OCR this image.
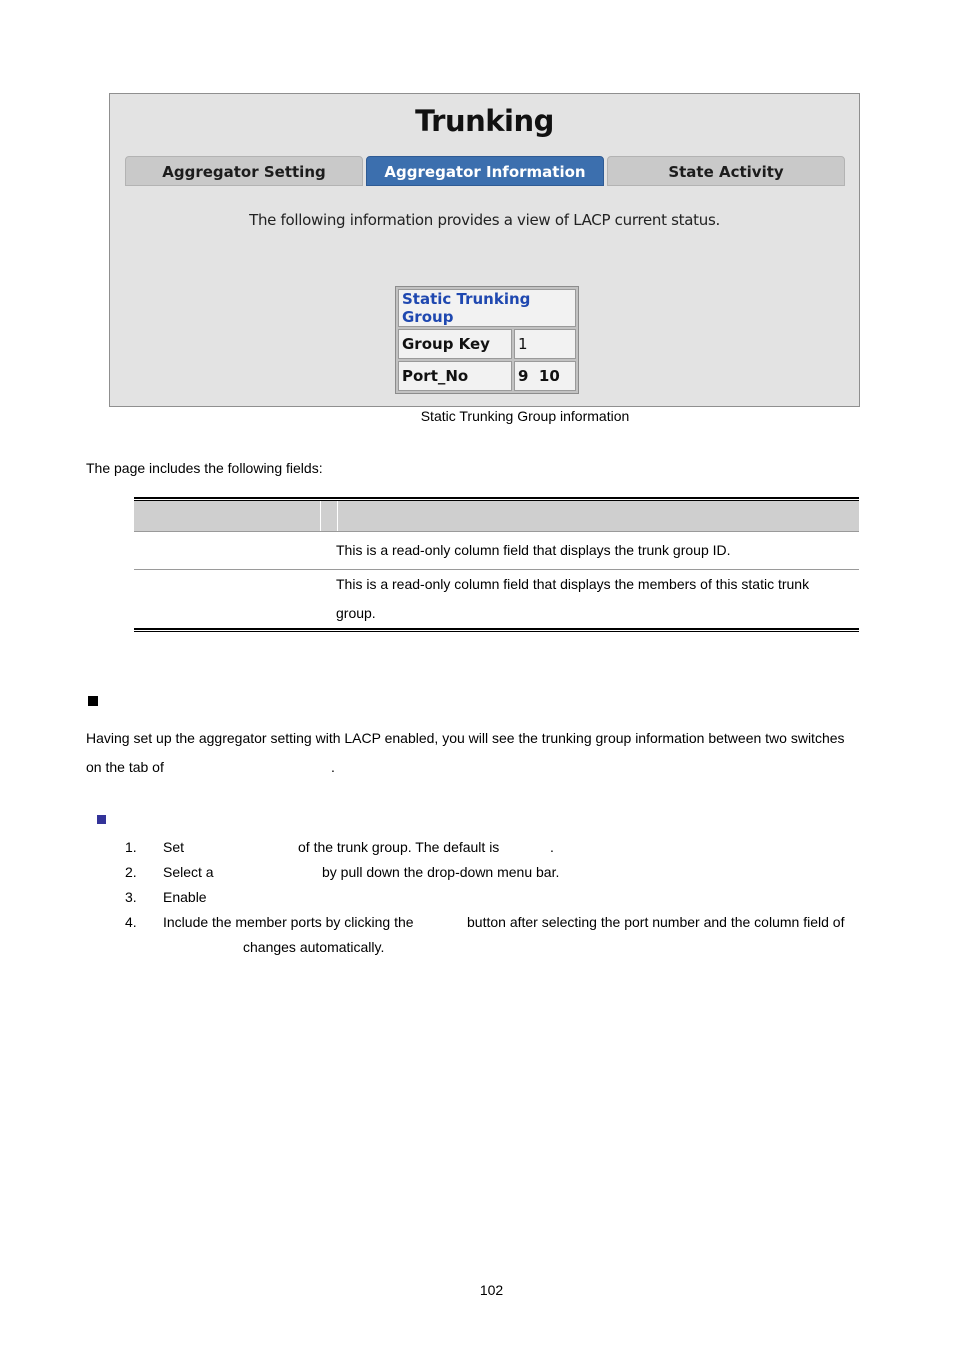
Trunking
Aggregator Setting	Aggregator Information	State Activity
The following information provides a view of LACP current status.
Static Trunking Group	
Group Key	1
Port_No	9  10
Static Trunking Group information
The page includes the following fields:
This is a read-only column field that displays the trunk group ID.
This is a read-only column field that displays the members of this static trunk
group.
Having set up the aggregator setting with LACP enabled, you will see the trunking group information between two switches
on the tab of	.
1. Set	of the trunk group. The default is	.
2. Select a	by pull down the drop-down menu bar.
3. Enable
4. Include the member ports by clicking the	button after selecting the port number and the column field of
changes automatically.
102
